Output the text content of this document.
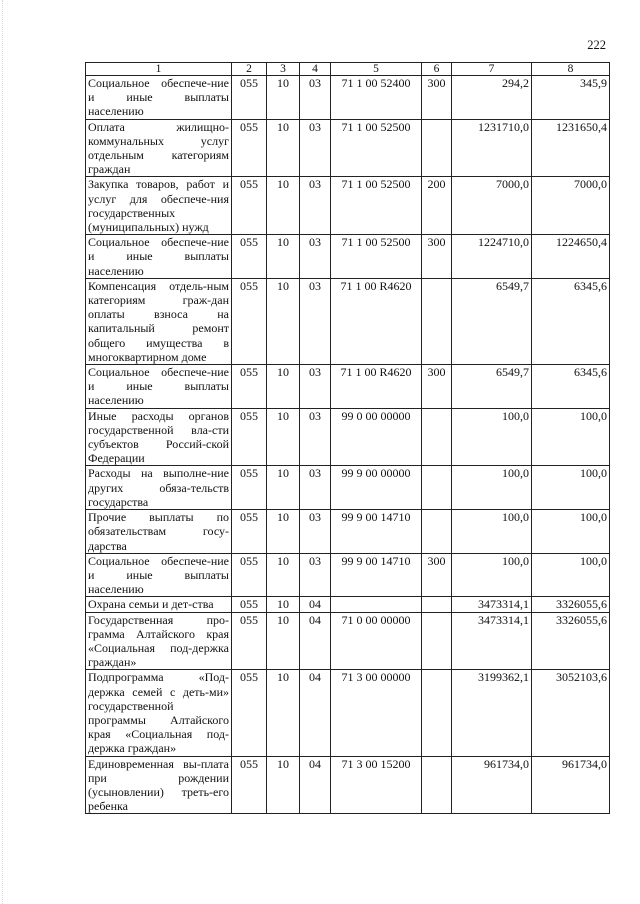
222
1	2	3	4	5	6	7	8
Социальное обеспече-ние и иные выплаты населению	055	10	03	71 1 00 52400	300	294,2	345,9
Оплата жилищно-коммунальных услуг отдельным категориям граждан	055	10	03	71 1 00 52500		1231710,0	1231650,4
Закупка товаров, работ и услуг для обеспече-ния государственных (муниципальных) нужд	055	10	03	71 1 00 52500	200	7000,0	7000,0
Социальное обеспече-ние и иные выплаты населению	055	10	03	71 1 00 52500	300	1224710,0	1224650,4
Компенсация отдель-ным категориям граж-дан оплаты взноса на капитальный ремонт общего имущества в многоквартирном доме	055	10	03	71 1 00 R4620		6549,7	6345,6
Социальное обеспече-ние и иные выплаты населению	055	10	03	71 1 00 R4620	300	6549,7	6345,6
Иные расходы органов государственной вла-сти субъектов Россий-ской Федерации	055	10	03	99 0 00 00000		100,0	100,0
Расходы на выполне-ние других обяза-тельств государства	055	10	03	99 9 00 00000		100,0	100,0
Прочие выплаты по обязательствам госу-дарства	055	10	03	99 9 00 14710		100,0	100,0
Социальное обеспече-ние и иные выплаты населению	055	10	03	99 9 00 14710	300	100,0	100,0
Охрана семьи и дет-ства	055	10	04			3473314,1	3326055,6
Государственная про-грамма Алтайского края «Социальная под-держка граждан»	055	10	04	71 0 00 00000		3473314,1	3326055,6
Подпрограмма «Под-держка семей с деть-ми» государственной программы Алтайского края «Социальная под-держка граждан»	055	10	04	71 3 00 00000		3199362,1	3052103,6
Единовременная вы-плата при рождении (усыновлении) треть-его ребенка	055	10	04	71 3 00 15200		961734,0	961734,0
